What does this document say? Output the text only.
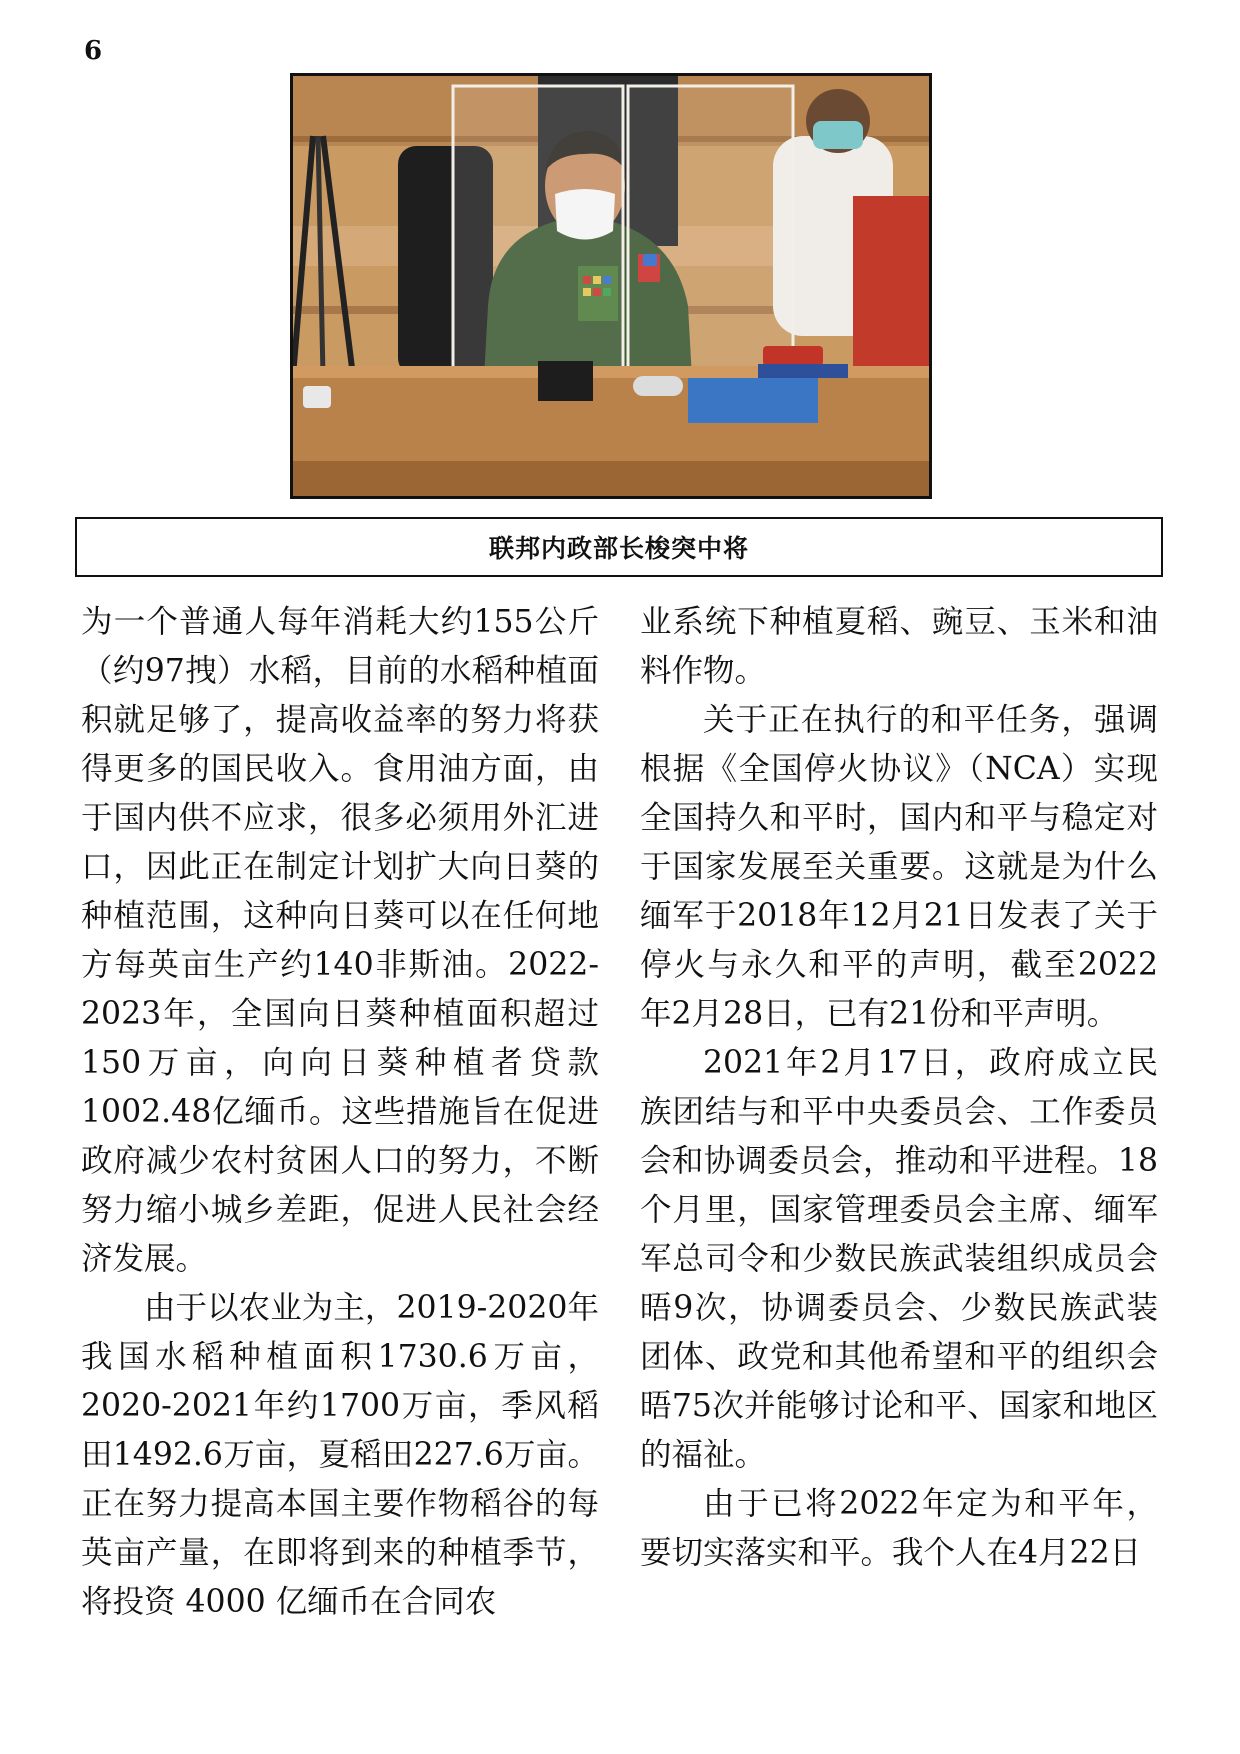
6
联邦内政部长梭突中将

为一个普通人每年消耗大约155公斤（约97拽）水稻，目前的水稻种植面积就足够了，提高收益率的努力将获得更多的国民收入。食用油方面，由于国内供不应求，很多必须用外汇进口，因此正在制定计划扩大向日葵的种植范围，这种向日葵可以在任何地方每英亩生产约140非斯油。2022-2023年，全国向日葵种植面积超过150万亩，向向日葵种植者贷款1002.48亿缅币。这些措施旨在促进政府减少农村贫困人口的努力，不断努力缩小城乡差距，促进人民社会经济发展。

由于以农业为主，2019-2020年我国水稻种植面积1730.6万亩，2020-2021年约1700万亩，季风稻田1492.6万亩，夏稻田227.6万亩。正在努力提高本国主要作物稻谷的每英亩产量，在即将到来的种植季节，将投资 4000 亿缅币在合同农

业系统下种植夏稻、豌豆、玉米和油料作物。

关于正在执行的和平任务，强调根据《全国停火协议》（NCA）实现全国持久和平时，国内和平与稳定对于国家发展至关重要。这就是为什么缅军于2018年12月21日发表了关于停火与永久和平的声明，截至2022年2月28日，已有21份和平声明。

2021年2月17日，政府成立民族团结与和平中央委员会、工作委员会和协调委员会，推动和平进程。18个月里，国家管理委员会主席、缅军军总司令和少数民族武装组织成员会晤9次，协调委员会、少数民族武装团体、政党和其他希望和平的组织会晤75次并能够讨论和平、国家和地区的福祉。

由于已将2022年定为和平年，要切实落实和平。我个人在4月22日
